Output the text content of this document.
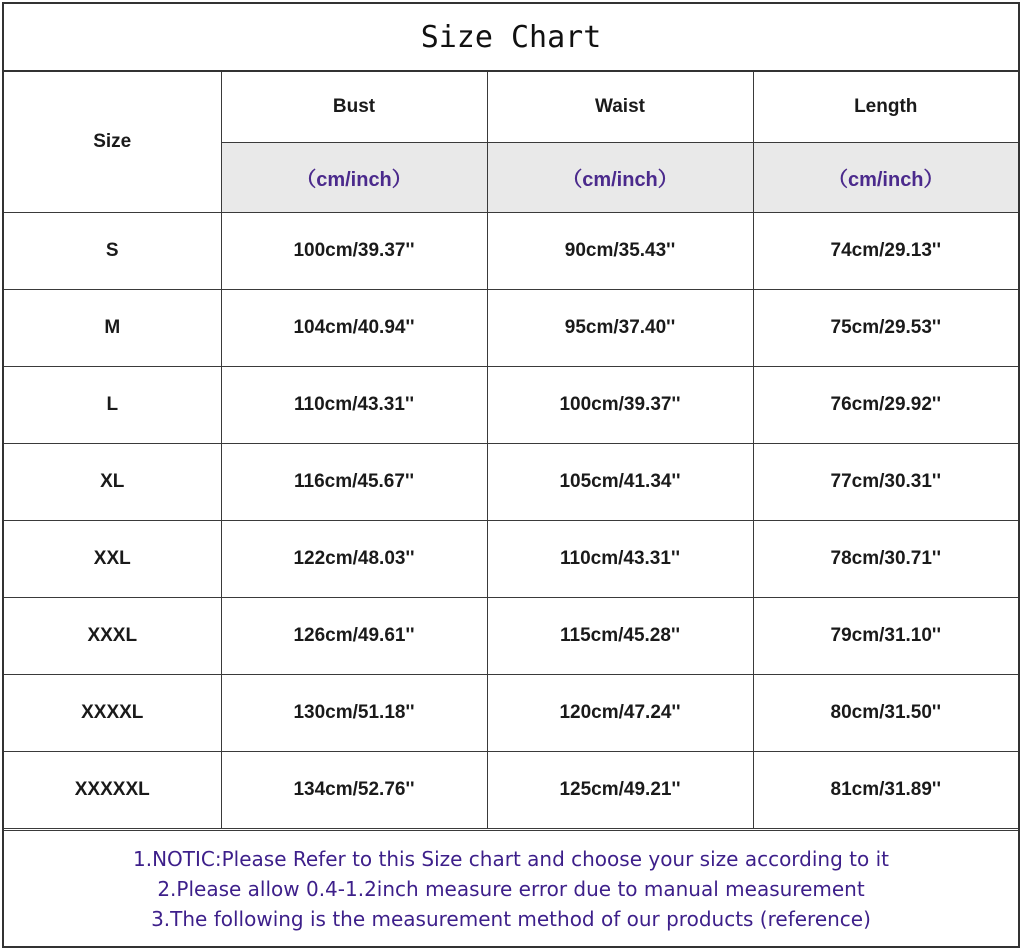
Size Chart
Size	Bust	Waist	Length
	（cm/inch）	（cm/inch）	（cm/inch）
S	100cm/39.37''	90cm/35.43''	74cm/29.13''
M	104cm/40.94''	95cm/37.40''	75cm/29.53''
L	110cm/43.31''	100cm/39.37''	76cm/29.92''
XL	116cm/45.67''	105cm/41.34''	77cm/30.31''
XXL	122cm/48.03''	110cm/43.31''	78cm/30.71''
XXXL	126cm/49.61''	115cm/45.28''	79cm/31.10''
XXXXL	130cm/51.18''	120cm/47.24''	80cm/31.50''
XXXXXL	134cm/52.76''	125cm/49.21''	81cm/31.89''
1.NOTIC:Please Refer to this Size chart and choose your size according to it
2.Please allow 0.4-1.2inch measure error due to manual measurement
3.The following is the measurement method of our products (reference)
